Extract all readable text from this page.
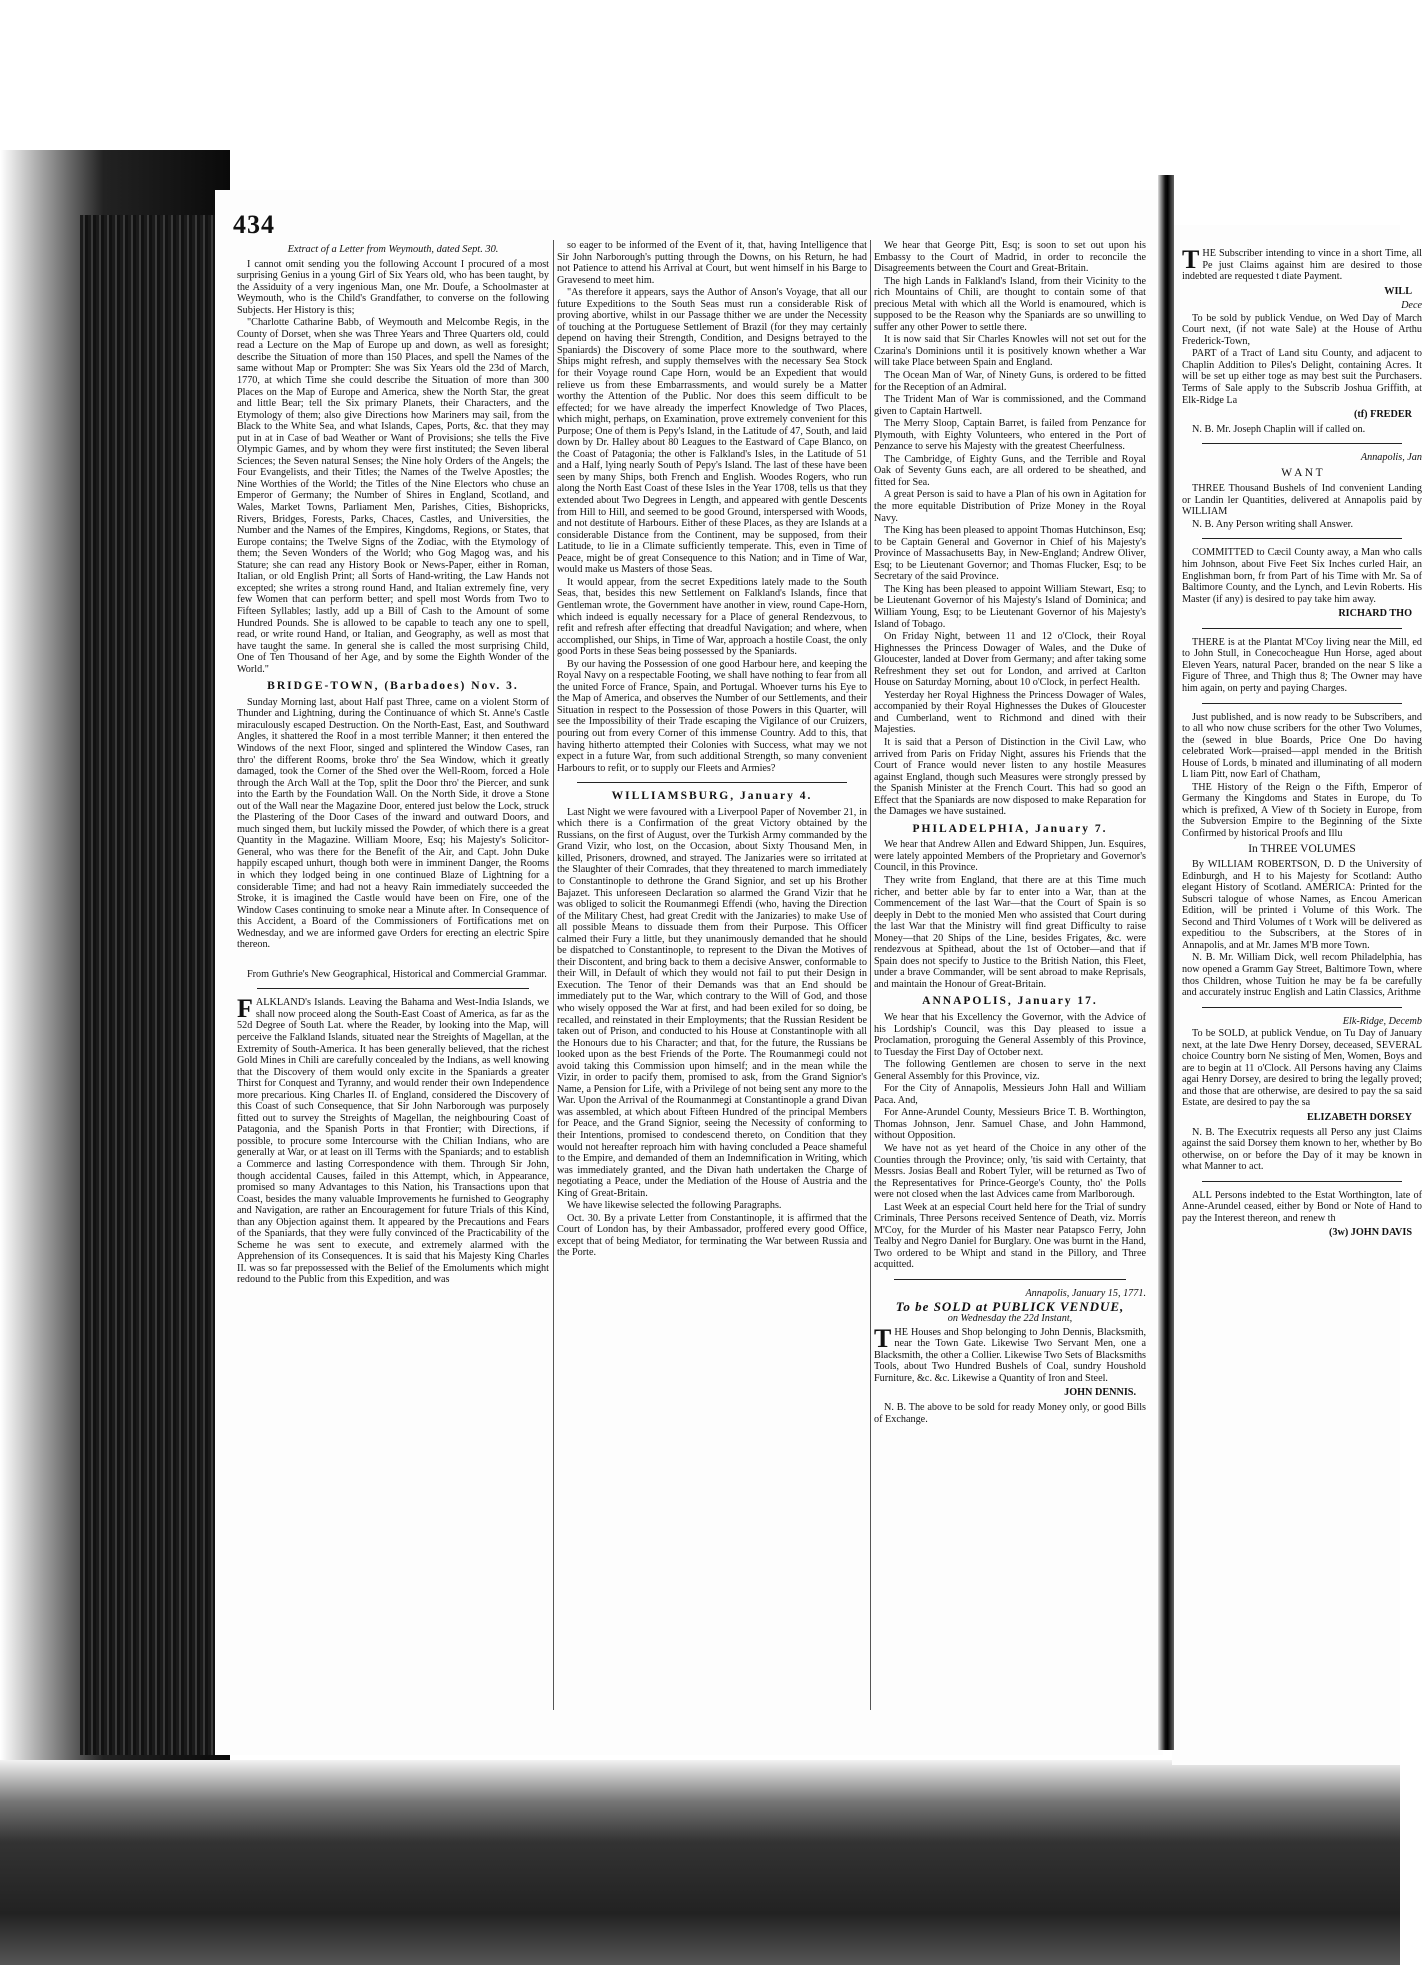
434

Extract of a Letter from Weymouth, dated Sept. 30.

I cannot omit sending you the following Account I procured of a most surprising Genius in a young Girl of Six Years old, who has been taught, by the Assiduity of a very ingenious Man, one Mr. Doufe, a Schoolmaster at Weymouth, who is the Child's Grandfather, to converse on the following Subjects. Her History is this;

"Charlotte Catharine Babb, of Weymouth and Melcombe Regis, in the County of Dorset, when she was Three Years and Three Quarters old, could read a Lecture on the Map of Europe up and down, as well as foresight; describe the Situation of more than 150 Places, and spell the Names of the same without Map or Prompter: She was Six Years old the 23d of March, 1770, at which Time she could describe the Situation of more than 300 Places on the Map of Europe and America, shew the North Star, the great and little Bear; tell the Six primary Planets, their Characters, and the Etymology of them; also give Directions how Mariners may sail, from the Black to the White Sea, and what Islands, Capes, Ports, &c. that they may put in at in Case of bad Weather or Want of Provisions; she tells the Five Olympic Games, and by whom they were first instituted; the Seven liberal Sciences; the Seven natural Senses; the Nine holy Orders of the Angels; the Four Evangelists, and their Titles; the Names of the Twelve Apostles; the Nine Worthies of the World; the Titles of the Nine Electors who chuse an Emperor of Germany; the Number of Shires in England, Scotland, and Wales, Market Towns, Parliament Men, Parishes, Cities, Bishopricks, Rivers, Bridges, Forests, Parks, Chaces, Castles, and Universities, the Number and the Names of the Empires, Kingdoms, Regions, or States, that Europe contains; the Twelve Signs of the Zodiac, with the Etymology of them; the Seven Wonders of the World; who Gog Magog was, and his Stature; she can read any History Book or News-Paper, either in Roman, Italian, or old English Print; all Sorts of Hand-writing, the Law Hands not excepted; she writes a strong round Hand, and Italian extremely fine, very few Women that can perform better; and spell most Words from Two to Fifteen Syllables; lastly, add up a Bill of Cash to the Amount of some Hundred Pounds. She is allowed to be capable to teach any one to spell, read, or write round Hand, or Italian, and Geography, as well as most that have taught the same. In general she is called the most surprising Child, One of Ten Thousand of her Age, and by some the Eighth Wonder of the World."

BRIDGE-TOWN, (Barbadoes) Nov. 3.

Sunday Morning last, about Half past Three, came on a violent Storm of Thunder and Lightning, during the Continuance of which St. Anne's Castle miraculously escaped Destruction. On the North-East, East, and Southward Angles, it shattered the Roof in a most terrible Manner; it then entered the Windows of the next Floor, singed and splintered the Window Cases, ran thro' the different Rooms, broke thro' the Sea Window, which it greatly damaged, took the Corner of the Shed over the Well-Room, forced a Hole through the Arch Wall at the Top, split the Door thro' the Piercer, and sunk into the Earth by the Foundation Wall. On the North Side, it drove a Stone out of the Wall near the Magazine Door, entered just below the Lock, struck the Plastering of the Door Cases of the inward and outward Doors, and much singed them, but luckily missed the Powder, of which there is a great Quantity in the Magazine. William Moore, Esq; his Majesty's Solicitor-General, who was there for the Benefit of the Air, and Capt. John Duke happily escaped unhurt, though both were in imminent Danger, the Rooms in which they lodged being in one continued Blaze of Lightning for a considerable Time; and had not a heavy Rain immediately succeeded the Stroke, it is imagined the Castle would have been on Fire, one of the Window Cases continuing to smoke near a Minute after. In Consequence of this Accident, a Board of the Commissioners of Fortifications met on Wednesday, and we are informed gave Orders for erecting an electric Spire thereon.

From Guthrie's New Geographical, Historical and Commercial Grammar.

FALKLAND's Islands. Leaving the Bahama and West-India Islands, we shall now proceed along the South-East Coast of America, as far as the 52d Degree of South Lat. where the Reader, by looking into the Map, will perceive the Falkland Islands, situated near the Streights of Magellan, at the Extremity of South-America. It has been generally believed, that the richest Gold Mines in Chili are carefully concealed by the Indians, as well knowing that the Discovery of them would only excite in the Spaniards a greater Thirst for Conquest and Tyranny, and would render their own Independence more precarious. King Charles II. of England, considered the Discovery of this Coast of such Consequence, that Sir John Narborough was purposely fitted out to survey the Streights of Magellan, the neighbouring Coast of Patagonia, and the Spanish Ports in that Frontier; with Directions, if possible, to procure some Intercourse with the Chilian Indians, who are generally at War, or at least on ill Terms with the Spaniards; and to establish a Commerce and lasting Correspondence with them. Through Sir John, though accidental Causes, failed in this Attempt, which, in Appearance, promised so many Advantages to this Nation, his Transactions upon that Coast, besides the many valuable Improvements he furnished to Geography and Navigation, are rather an Encouragement for future Trials of this Kind, than any Objection against them. It appeared by the Precautions and Fears of the Spaniards, that they were fully convinced of the Practicability of the Scheme he was sent to execute, and extremely alarmed with the Apprehension of its Consequences. It is said that his Majesty King Charles II. was so far prepossessed with the Belief of the Emoluments which might redound to the Public from this Expedition, and was

so eager to be informed of the Event of it, that, having Intelligence that Sir John Narborough's putting through the Downs, on his Return, he had not Patience to attend his Arrival at Court, but went himself in his Barge to Gravesend to meet him.

"As therefore it appears, says the Author of Anson's Voyage, that all our future Expeditions to the South Seas must run a considerable Risk of proving abortive, whilst in our Passage thither we are under the Necessity of touching at the Portuguese Settlement of Brazil (for they may certainly depend on having their Strength, Condition, and Designs betrayed to the Spaniards) the Discovery of some Place more to the southward, where Ships might refresh, and supply themselves with the necessary Sea Stock for their Voyage round Cape Horn, would be an Expedient that would relieve us from these Embarrassments, and would surely be a Matter worthy the Attention of the Public. Nor does this seem difficult to be effected; for we have already the imperfect Knowledge of Two Places, which might, perhaps, on Examination, prove extremely convenient for this Purpose; One of them is Pepy's Island, in the Latitude of 47, South, and laid down by Dr. Halley about 80 Leagues to the Eastward of Cape Blanco, on the Coast of Patagonia; the other is Falkland's Isles, in the Latitude of 51 and a Half, lying nearly South of Pepy's Island. The last of these have been seen by many Ships, both French and English. Woodes Rogers, who run along the North East Coast of these Isles in the Year 1708, tells us that they extended about Two Degrees in Length, and appeared with gentle Descents from Hill to Hill, and seemed to be good Ground, interspersed with Woods, and not destitute of Harbours. Either of these Places, as they are Islands at a considerable Distance from the Continent, may be supposed, from their Latitude, to lie in a Climate sufficiently temperate. This, even in Time of Peace, might be of great Consequence to this Nation; and in Time of War, would make us Masters of those Seas.

It would appear, from the secret Expeditions lately made to the South Seas, that, besides this new Settlement on Falkland's Islands, fince that Gentleman wrote, the Government have another in view, round Cape-Horn, which indeed is equally necessary for a Place of general Rendezvous, to refit and refresh after effecting that dreadful Navigation; and where, when accomplished, our Ships, in Time of War, approach a hostile Coast, the only good Ports in these Seas being possessed by the Spaniards.

By our having the Possession of one good Harbour here, and keeping the Royal Navy on a respectable Footing, we shall have nothing to fear from all the united Force of France, Spain, and Portugal. Whoever turns his Eye to the Map of America, and observes the Number of our Settlements, and their Situation in respect to the Possession of those Powers in this Quarter, will see the Impossibility of their Trade escaping the Vigilance of our Cruizers, pouring out from every Corner of this immense Country. Add to this, that having hitherto attempted their Colonies with Success, what may we not expect in a future War, from such additional Strength, so many convenient Harbours to refit, or to supply our Fleets and Armies?

WILLIAMSBURG, January 4.

Last Night we were favoured with a Liverpool Paper of November 21, in which there is a Confirmation of the great Victory obtained by the Russians, on the first of August, over the Turkish Army commanded by the Grand Vizir, who lost, on the Occasion, about Sixty Thousand Men, in killed, Prisoners, drowned, and strayed. The Janizaries were so irritated at the Slaughter of their Comrades, that they threatened to march immediately to Constantinople to dethrone the Grand Signior, and set up his Brother Bajazet. This unforeseen Declaration so alarmed the Grand Vizir that he was obliged to solicit the Roumanmegi Effendi (who, having the Direction of the Military Chest, had great Credit with the Janizaries) to make Use of all possible Means to dissuade them from their Purpose. This Officer calmed their Fury a little, but they unanimously demanded that he should be dispatched to Constantinople, to represent to the Divan the Motives of their Discontent, and bring back to them a decisive Answer, conformable to their Will, in Default of which they would not fail to put their Design in Execution. The Tenor of their Demands was that an End should be immediately put to the War, which contrary to the Will of God, and those who wisely opposed the War at first, and had been exiled for so doing, be recalled, and reinstated in their Employments; that the Russian Resident be taken out of Prison, and conducted to his House at Constantinople with all the Honours due to his Character; and that, for the future, the Russians be looked upon as the best Friends of the Porte. The Roumanmegi could not avoid taking this Commission upon himself; and in the mean while the Vizir, in order to pacify them, promised to ask, from the Grand Signior's Name, a Pension for Life, with a Privilege of not being sent any more to the War. Upon the Arrival of the Roumanmegi at Constantinople a grand Divan was assembled, at which about Fifteen Hundred of the principal Members for Peace, and the Grand Signior, seeing the Necessity of conforming to their Intentions, promised to condescend thereto, on Condition that they would not hereafter reproach him with having concluded a Peace shameful to the Empire, and demanded of them an Indemnification in Writing, which was immediately granted, and the Divan hath undertaken the Charge of negotiating a Peace, under the Mediation of the House of Austria and the King of Great-Britain.

We have likewise selected the following Paragraphs.

Oct. 30. By a private Letter from Constantinople, it is affirmed that the Court of London has, by their Ambassador, proffered every good Office, except that of being Mediator, for terminating the War between Russia and the Porte.

We hear that George Pitt, Esq; is soon to set out upon his Embassy to the Court of Madrid, in order to reconcile the Disagreements between the Court and Great-Britain.

The high Lands in Falkland's Island, from their Vicinity to the rich Mountains of Chili, are thought to contain some of that precious Metal with which all the World is enamoured, which is supposed to be the Reason why the Spaniards are so unwilling to suffer any other Power to settle there.

It is now said that Sir Charles Knowles will not set out for the Czarina's Dominions until it is positively known whether a War will take Place between Spain and England.

The Ocean Man of War, of Ninety Guns, is ordered to be fitted for the Reception of an Admiral.

The Trident Man of War is commissioned, and the Command given to Captain Hartwell.

The Merry Sloop, Captain Barret, is failed from Penzance for Plymouth, with Eighty Volunteers, who entered in the Port of Penzance to serve his Majesty with the greatest Cheerfulness.

The Cambridge, of Eighty Guns, and the Terrible and Royal Oak of Seventy Guns each, are all ordered to be sheathed, and fitted for Sea.

A great Person is said to have a Plan of his own in Agitation for the more equitable Distribution of Prize Money in the Royal Navy.

The King has been pleased to appoint Thomas Hutchinson, Esq; to be Captain General and Governor in Chief of his Majesty's Province of Massachusetts Bay, in New-England; Andrew Oliver, Esq; to be Lieutenant Governor; and Thomas Flucker, Esq; to be Secretary of the said Province.

The King has been pleased to appoint William Stewart, Esq; to be Lieutenant Governor of his Majesty's Island of Dominica; and William Young, Esq; to be Lieutenant Governor of his Majesty's Island of Tobago.

On Friday Night, between 11 and 12 o'Clock, their Royal Highnesses the Princess Dowager of Wales, and the Duke of Gloucester, landed at Dover from Germany; and after taking some Refreshment they set out for London, and arrived at Carlton House on Saturday Morning, about 10 o'Clock, in perfect Health.

Yesterday her Royal Highness the Princess Dowager of Wales, accompanied by their Royal Highnesses the Dukes of Gloucester and Cumberland, went to Richmond and dined with their Majesties.

It is said that a Person of Distinction in the Civil Law, who arrived from Paris on Friday Night, assures his Friends that the Court of France would never listen to any hostile Measures against England, though such Measures were strongly pressed by the Spanish Minister at the French Court. This had so good an Effect that the Spaniards are now disposed to make Reparation for the Damages we have sustained.

PHILADELPHIA, January 7.

We hear that Andrew Allen and Edward Shippen, Jun. Esquires, were lately appointed Members of the Proprietary and Governor's Council, in this Province.

They write from England, that there are at this Time much richer, and better able by far to enter into a War, than at the Commencement of the last War—that the Court of Spain is so deeply in Debt to the monied Men who assisted that Court during the last War that the Ministry will find great Difficulty to raise Money—that 20 Ships of the Line, besides Frigates, &c. were rendezvous at Spithead, about the 1st of October—and that if Spain does not specify to Justice to the British Nation, this Fleet, under a brave Commander, will be sent abroad to make Reprisals, and maintain the Honour of Great-Britain.

ANNAPOLIS, January 17.

We hear that his Excellency the Governor, with the Advice of his Lordship's Council, was this Day pleased to issue a Proclamation, proroguing the General Assembly of this Province, to Tuesday the First Day of October next.

The following Gentlemen are chosen to serve in the next General Assembly for this Province, viz.

For the City of Annapolis, Messieurs John Hall and William Paca. And,

For Anne-Arundel County, Messieurs Brice T. B. Worthington, Thomas Johnson, Jenr. Samuel Chase, and John Hammond, without Opposition.

We have not as yet heard of the Choice in any other of the Counties through the Province; only, 'tis said with Certainty, that Messrs. Josias Beall and Robert Tyler, will be returned as Two of the Representatives for Prince-George's County, tho' the Polls were not closed when the last Advices came from Marlborough.

Last Week at an especial Court held here for the Trial of sundry Criminals, Three Persons received Sentence of Death, viz. Morris M'Coy, for the Murder of his Master near Patapsco Ferry, John Tealby and Negro Daniel for Burglary. One was burnt in the Hand, Two ordered to be Whipt and stand in the Pillory, and Three acquitted.

Annapolis, January 15, 1771.

To be SOLD at PUBLICK VENDUE,

on Wednesday the 22d Instant,

THE Houses and Shop belonging to John Dennis, Blacksmith, near the Town Gate. Likewise Two Servant Men, one a Blacksmith, the other a Collier. Likewise Two Sets of Blacksmiths Tools, about Two Hundred Bushels of Coal, sundry Houshold Furniture, &c. &c. Likewise a Quantity of Iron and Steel.

JOHN DENNIS.

N. B. The above to be sold for ready Money only, or good Bills of Exchange.

THE Subscriber intending to vince in a short Time, all Pe just Claims against him are desired to those indebted are requested t diate Payment.

WILL

Dece

To be sold by publick Vendue, on Wed Day of March Court next, (if not wate Sale) at the House of Arthu Frederick-Town,

PART of a Tract of Land situ County, and adjacent to Chaplin Addition to Piles's Delight, containing Acres. It will be set up either toge as may best suit the Purchasers. Terms of Sale apply to the Subscrib Joshua Griffith, at Elk-Ridge La

(tf) FREDER

N. B. Mr. Joseph Chaplin will if called on.

Annapolis, Jan

W A N T

THREE Thousand Bushels of Ind convenient Landing or Landin ler Quantities, delivered at Annapolis paid by WILLIAM

N. B. Any Person writing shall Answer.

COMMITTED to Cæcil County away, a Man who calls him Johnson, about Five Feet Six Inches curled Hair, an Englishman born, fr from Part of his Time with Mr. Sa of Baltimore County, and the Lynch, and Levin Roberts. His Master (if any) is desired to pay take him away.

RICHARD THO

THERE is at the Plantat M'Coy living near the Mill, ed to John Stull, in Conecocheague Hun Horse, aged about Eleven Years, natural Pacer, branded on the near S like a Figure of Three, and Thigh thus 8; The Owner may have him again, on perty and paying Charges.

Just published, and is now ready to be Subscribers, and to all who now chuse scribers for the other Two Volumes, the (sewed in blue Boards, Price One Do having celebrated Work—praised—appl mended in the British House of Lords, b minated and illuminating of all modern L liam Pitt, now Earl of Chatham,

THE History of the Reign o the Fifth, Emperor of Germany the Kingdoms and States in Europe, du To which is prefixed, A View of th Society in Europe, from the Subversion Empire to the Beginning of the Sixte Confirmed by historical Proofs and Illu

In THREE VOLUMES

By WILLIAM ROBERTSON, D. D the University of Edinburgh, and H to his Majesty for Scotland: Autho elegant History of Scotland. AMERICA: Printed for the Subscri talogue of whose Names, as Encou American Edition, will be printed i Volume of this Work. The Second and Third Volumes of t Work will be delivered as expeditiou to the Subscribers, at the Stores of in Annapolis, and at Mr. James M'B more Town.

N. B. Mr. William Dick, well recom Philadelphia, has now opened a Gramm Gay Street, Baltimore Town, where thos Children, whose Tuition he may be fa be carefully and accurately instruc English and Latin Classics, Arithme

Elk-Ridge, Decemb

To be SOLD, at publick Vendue, on Tu Day of January next, at the late Dwe Henry Dorsey, deceased, SEVERAL choice Country born Ne sisting of Men, Women, Boys and are to begin at 11 o'Clock. All Persons having any Claims agai Henry Dorsey, are desired to bring the legally proved; and those that are otherwise, are desired to pay the sa said Estate, are desired to pay the sa

ELIZABETH DORSEY

N. B. The Executrix requests all Perso any just Claims against the said Dorsey them known to her, whether by Bo otherwise, on or before the Day of it may be known in what Manner to act.

ALL Persons indebted to the Estat Worthington, late of Anne-Arundel ceased, either by Bond or Note of Hand to pay the Interest thereon, and renew th

(3w) JOHN DAVIS
